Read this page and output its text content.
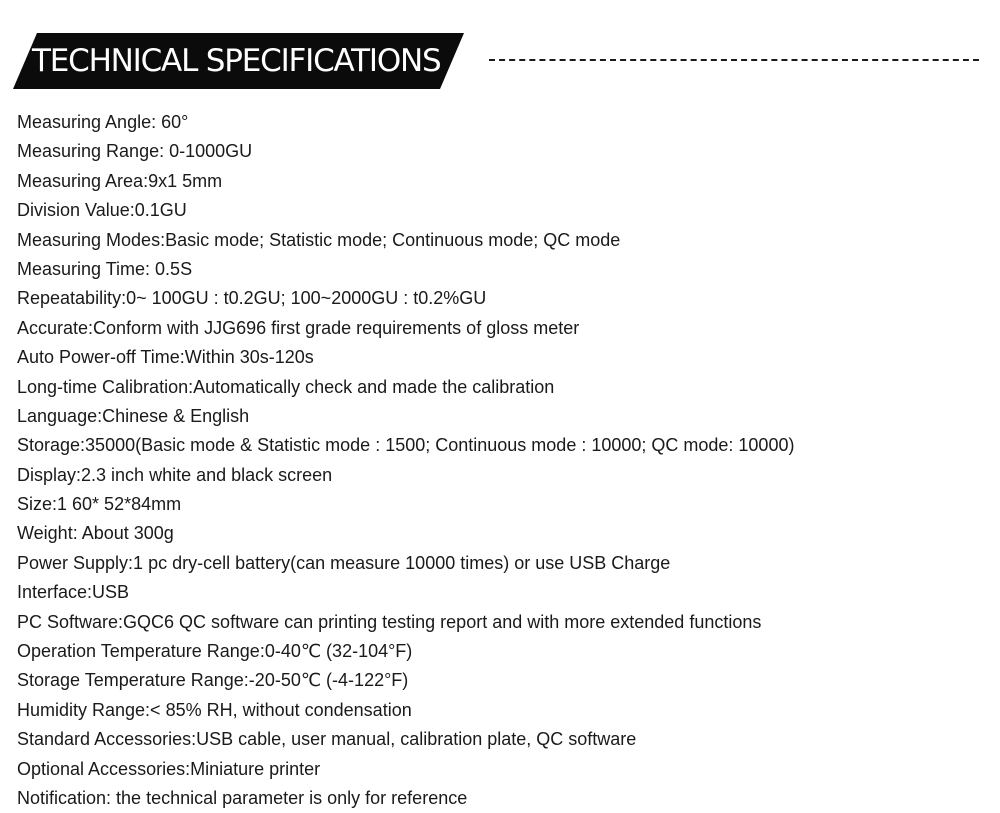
TECHNICAL SPECIFICATIONS
Measuring Angle: 60°
Measuring Range: 0-1000GU
Measuring Area:9x1 5mm
Division Value:0.1GU
Measuring Modes:Basic mode; Statistic mode; Continuous mode; QC mode
Measuring Time: 0.5S
Repeatability:0~ 100GU : t0.2GU; 100~2000GU : t0.2%GU
Accurate:Conform with JJG696 first grade requirements of gloss meter
Auto Power-off Time:Within 30s-120s
Long-time Calibration:Automatically check and made the calibration
Language:Chinese & English
Storage:35000(Basic mode & Statistic mode : 1500; Continuous mode : 10000; QC mode: 10000)
Display:2.3 inch white and black screen
Size:1 60* 52*84mm
Weight: About 300g
Power Supply:1 pc dry-cell battery(can measure 10000 times) or use USB Charge
Interface:USB
PC Software:GQC6 QC software can printing testing report and with more extended functions
Operation Temperature Range:0-40℃ (32-104°F)
Storage Temperature Range:-20-50℃ (-4-122°F)
Humidity Range:< 85% RH, without condensation
Standard Accessories:USB cable, user manual, calibration plate, QC software
Optional Accessories:Miniature printer
Notification: the technical parameter is only for reference
